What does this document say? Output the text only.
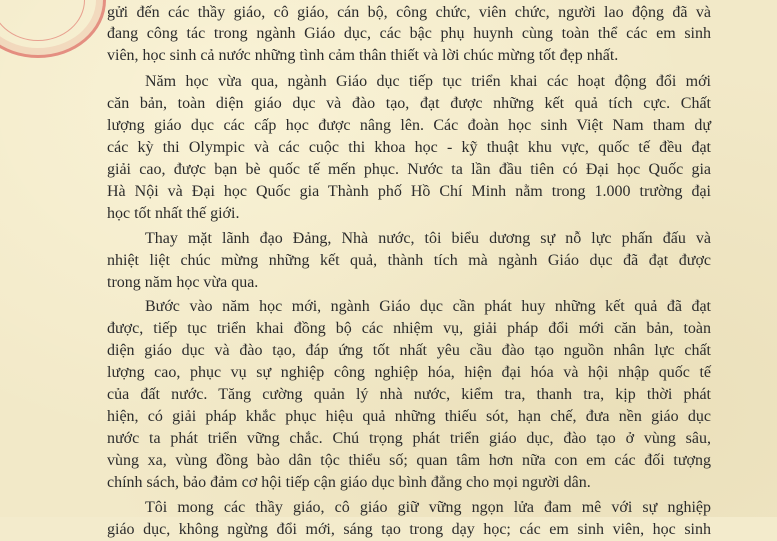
gửi đến các thầy giáo, cô giáo, cán bộ, công chức, viên chức, người lao động đã và
đang công tác trong ngành Giáo dục, các bậc phụ huynh cùng toàn thể các em sinh
viên, học sinh cả nước những tình cảm thân thiết và lời chúc mừng tốt đẹp nhất.
Năm học vừa qua, ngành Giáo dục tiếp tục triển khai các hoạt động đổi mới
căn bản, toàn diện giáo dục và đào tạo, đạt được những kết quả tích cực. Chất
lượng giáo dục các cấp học được nâng lên. Các đoàn học sinh Việt Nam tham dự
các kỳ thi Olympic và các cuộc thi khoa học - kỹ thuật khu vực, quốc tế đều đạt
giải cao, được bạn bè quốc tế mến phục. Nước ta lần đầu tiên có Đại học Quốc gia
Hà Nội và Đại học Quốc gia Thành phố Hồ Chí Minh nằm trong 1.000 trường đại
học tốt nhất thế giới.
Thay mặt lãnh đạo Đảng, Nhà nước, tôi biểu dương sự nỗ lực phấn đấu và
nhiệt liệt chúc mừng những kết quả, thành tích mà ngành Giáo dục đã đạt được
trong năm học vừa qua.
Bước vào năm học mới, ngành Giáo dục cần phát huy những kết quả đã đạt
được, tiếp tục triển khai đồng bộ các nhiệm vụ, giải pháp đổi mới căn bản, toàn
diện giáo dục và đào tạo, đáp ứng tốt nhất yêu cầu đào tạo nguồn nhân lực chất
lượng cao, phục vụ sự nghiệp công nghiệp hóa, hiện đại hóa và hội nhập quốc tế
của đất nước. Tăng cường quản lý nhà nước, kiểm tra, thanh tra, kịp thời phát
hiện, có giải pháp khắc phục hiệu quả những thiếu sót, hạn chế, đưa nền giáo dục
nước ta phát triển vững chắc. Chú trọng phát triển giáo dục, đào tạo ở vùng sâu,
vùng xa, vùng đồng bào dân tộc thiểu số; quan tâm hơn nữa con em các đối tượng
chính sách, bảo đảm cơ hội tiếp cận giáo dục bình đẳng cho mọi người dân.
Tôi mong các thầy giáo, cô giáo giữ vững ngọn lửa đam mê với sự nghiệp
giáo dục, không ngừng đổi mới, sáng tạo trong dạy học; các em sinh viên, học sinh
